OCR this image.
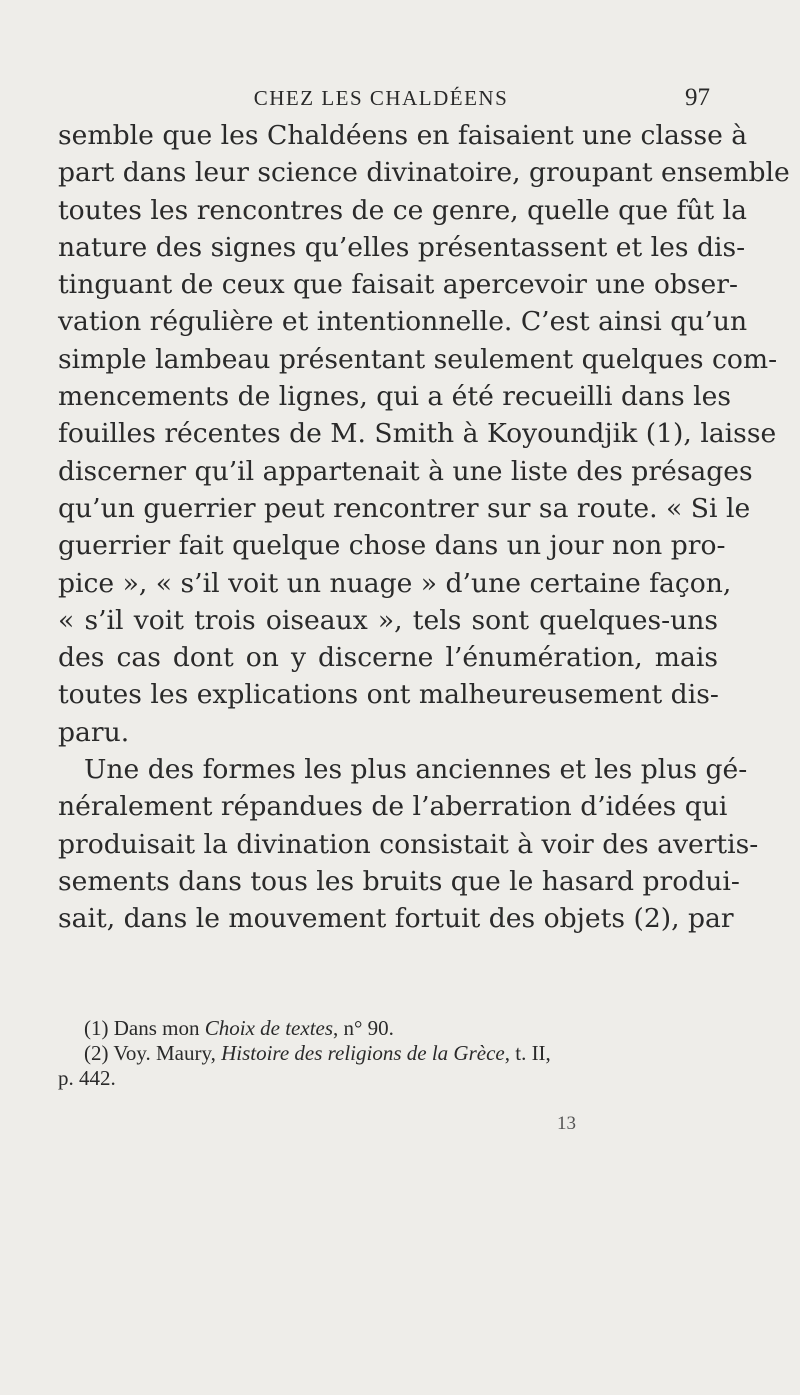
CHEZ LES CHALDÉENS	97
semble que les Chaldéens en faisaient une classe à
part dans leur science divinatoire, groupant ensemble
toutes les rencontres de ce genre, quelle que fût la
nature des signes qu’elles présentassent et les dis-
tinguant de ceux que faisait apercevoir une obser-
vation régulière et intentionnelle. C’est ainsi qu’un
simple lambeau présentant seulement quelques com-
mencements de lignes, qui a été recueilli dans les
fouilles récentes de M. Smith à Koyoundjik (1), laisse
discerner qu’il appartenait à une liste des présages
qu’un guerrier peut rencontrer sur sa route. « Si le
guerrier fait quelque chose dans un jour non pro-
pice », « s’il voit un nuage » d’une certaine façon,
« s’il voit trois oiseaux », tels sont quelques-uns
des cas dont on y discerne l’énumération, mais
toutes les explications ont malheureusement dis-
paru.
Une des formes les plus anciennes et les plus gé-
néralement répandues de l’aberration d’idées qui
produisait la divination consistait à voir des avertis-
sements dans tous les bruits que le hasard produi-
sait, dans le mouvement fortuit des objets (2), par
(1) Dans mon Choix de textes, n° 90.
(2) Voy. Maury, Histoire des religions de la Grèce, t. II,
p. 442.
13
